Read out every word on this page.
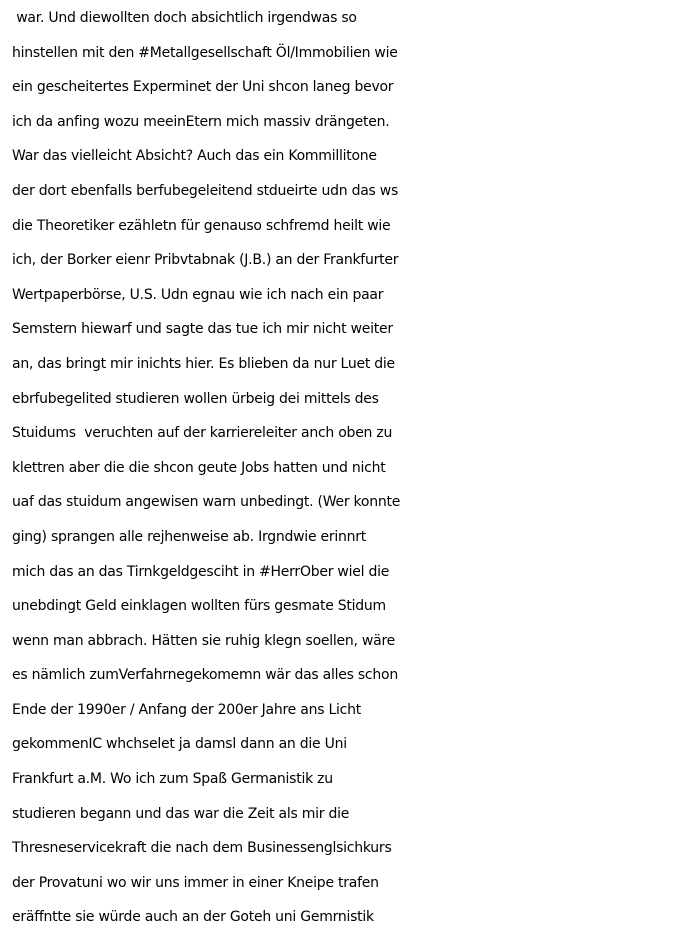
war. Und diewollten doch absichtlich irgendwas so
hinstellen mit den #Metallgesellschaft Öl/Immobilien wie
ein gescheitertes Experminet der Uni shcon laneg bevor
ich da anfing wozu meeinEtern mich massiv drängeten.
War das vielleicht Absicht? Auch das ein Kommillitone
der dort ebenfalls berfubegeleitend stdueirte udn das ws
die Theoretiker ezähletn für genauso schfremd heilt wie
ich, der Borker eienr Pribvtabnak (J.B.) an der Frankfurter
Wertpaperbörse, U.S. Udn egnau wie ich nach ein paar
Semstern hiewarf und sagte das tue ich mir nicht weiter
an, das bringt mir inichts hier. Es blieben da nur Luet die
ebrfubegelited studieren wollen ürbeig dei mittels des
Stuidums  veruchten auf der karriereleiter anch oben zu
klettren aber die die shcon geute Jobs hatten und nicht
uaf das stuidum angewisen warn unbedingt. (Wer konnte
ging) sprangen alle rejhenweise ab. Irgndwie erinnrt
mich das an das Tirnkgeldgesciht in #HerrOber wiel die
unebdingt Geld einklagen wollten fürs gesmate Stidum
wenn man abbrach. Hätten sie ruhig klegn soellen, wäre
es nämlich zumVerfahrnegekomemn wär das alles schon
Ende der 1990er / Anfang der 200er Jahre ans Licht
gekommenIC whchselet ja damsl dann an die Uni
Frankfurt a.M. Wo ich zum Spaß Germanistik zu
studieren begann und das war die Zeit als mir die
Thresneservicekraft die nach dem Businessenglsichkurs
der Provatuni wo wir uns immer in einer Kneipe trafen
eräffntte sie würde auch an der Goteh uni Gemrnistik
